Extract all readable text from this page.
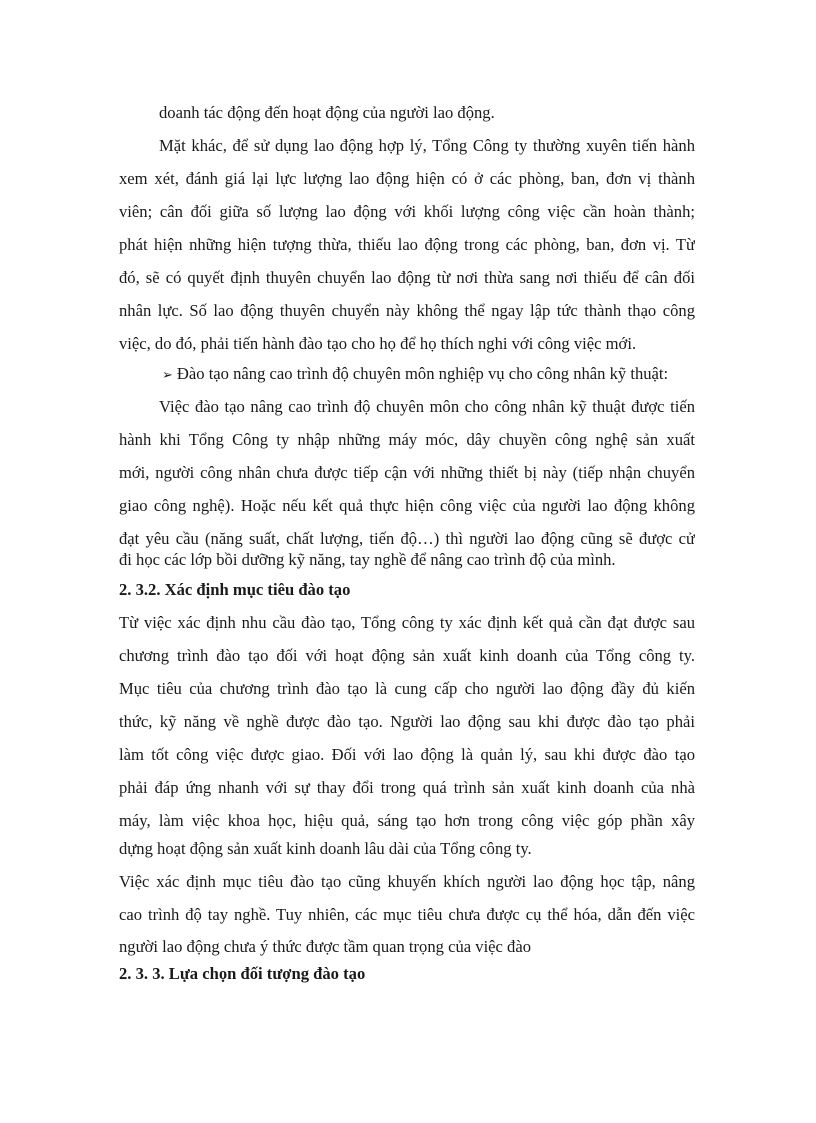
doanh tác động đến hoạt động của người lao động.
Mặt khác, để sử dụng lao động hợp lý, Tổng Công ty thường xuyên tiến hành
xem xét, đánh giá lại lực lượng lao động hiện có ở các phòng, ban, đơn vị thành
viên; cân đối giữa số lượng lao động với khối lượng công việc cần hoàn thành;
phát hiện những hiện tượng thừa, thiếu lao động trong các phòng, ban, đơn vị. Từ
đó, sẽ có quyết định thuyên chuyển lao động từ nơi thừa sang nơi thiếu để cân đối
nhân lực. Số lao động thuyên chuyển này không thể ngay lập tức thành thạo công
việc, do đó, phải tiến hành đào tạo cho họ để họ thích nghi với công việc mới.
➢ Đào tạo nâng cao trình độ chuyên môn nghiệp vụ cho công nhân kỹ thuật:
Việc đào tạo nâng cao trình độ chuyên môn cho công nhân kỹ thuật được tiến
hành khi Tổng Công ty nhập những máy móc, dây chuyền công nghệ sản xuất
mới, người công nhân chưa được tiếp cận với những thiết bị này (tiếp nhận chuyển
giao công nghệ). Hoặc nếu kết quả thực hiện công việc của người lao động không
đạt yêu cầu (năng suất, chất lượng, tiến độ…) thì người lao động cũng sẽ được cử
đi học các lớp bồi dưỡng kỹ năng, tay nghề để nâng cao trình độ của mình.
2. 3.2. Xác định mục tiêu đào tạo
Từ việc xác định nhu cầu đào tạo, Tổng công ty xác định kết quả cần đạt được sau
chương trình đào tạo đối với hoạt động sản xuất kinh doanh của Tổng công ty.
Mục tiêu của chương trình đào tạo là cung cấp cho người lao động đầy đủ kiến
thức, kỹ năng về nghề được đào tạo. Người lao động sau khi được đào tạo phải
làm tốt công việc được giao. Đối với lao động là quản lý, sau khi được đào tạo
phải đáp ứng nhanh với sự thay đổi trong quá trình sản xuất kinh doanh của nhà
máy, làm việc khoa học, hiệu quả, sáng tạo hơn trong công việc góp phần xây
dựng hoạt động sản xuất kinh doanh lâu dài của Tổng công ty.
Việc xác định mục tiêu đào tạo cũng khuyến khích người lao động học tập, nâng
cao trình độ tay nghề. Tuy nhiên, các mục tiêu chưa được cụ thể hóa, dẫn đến việc
người lao động chưa ý thức được tầm quan trọng của việc đào
2. 3. 3. Lựa chọn đối tượng đào tạo
